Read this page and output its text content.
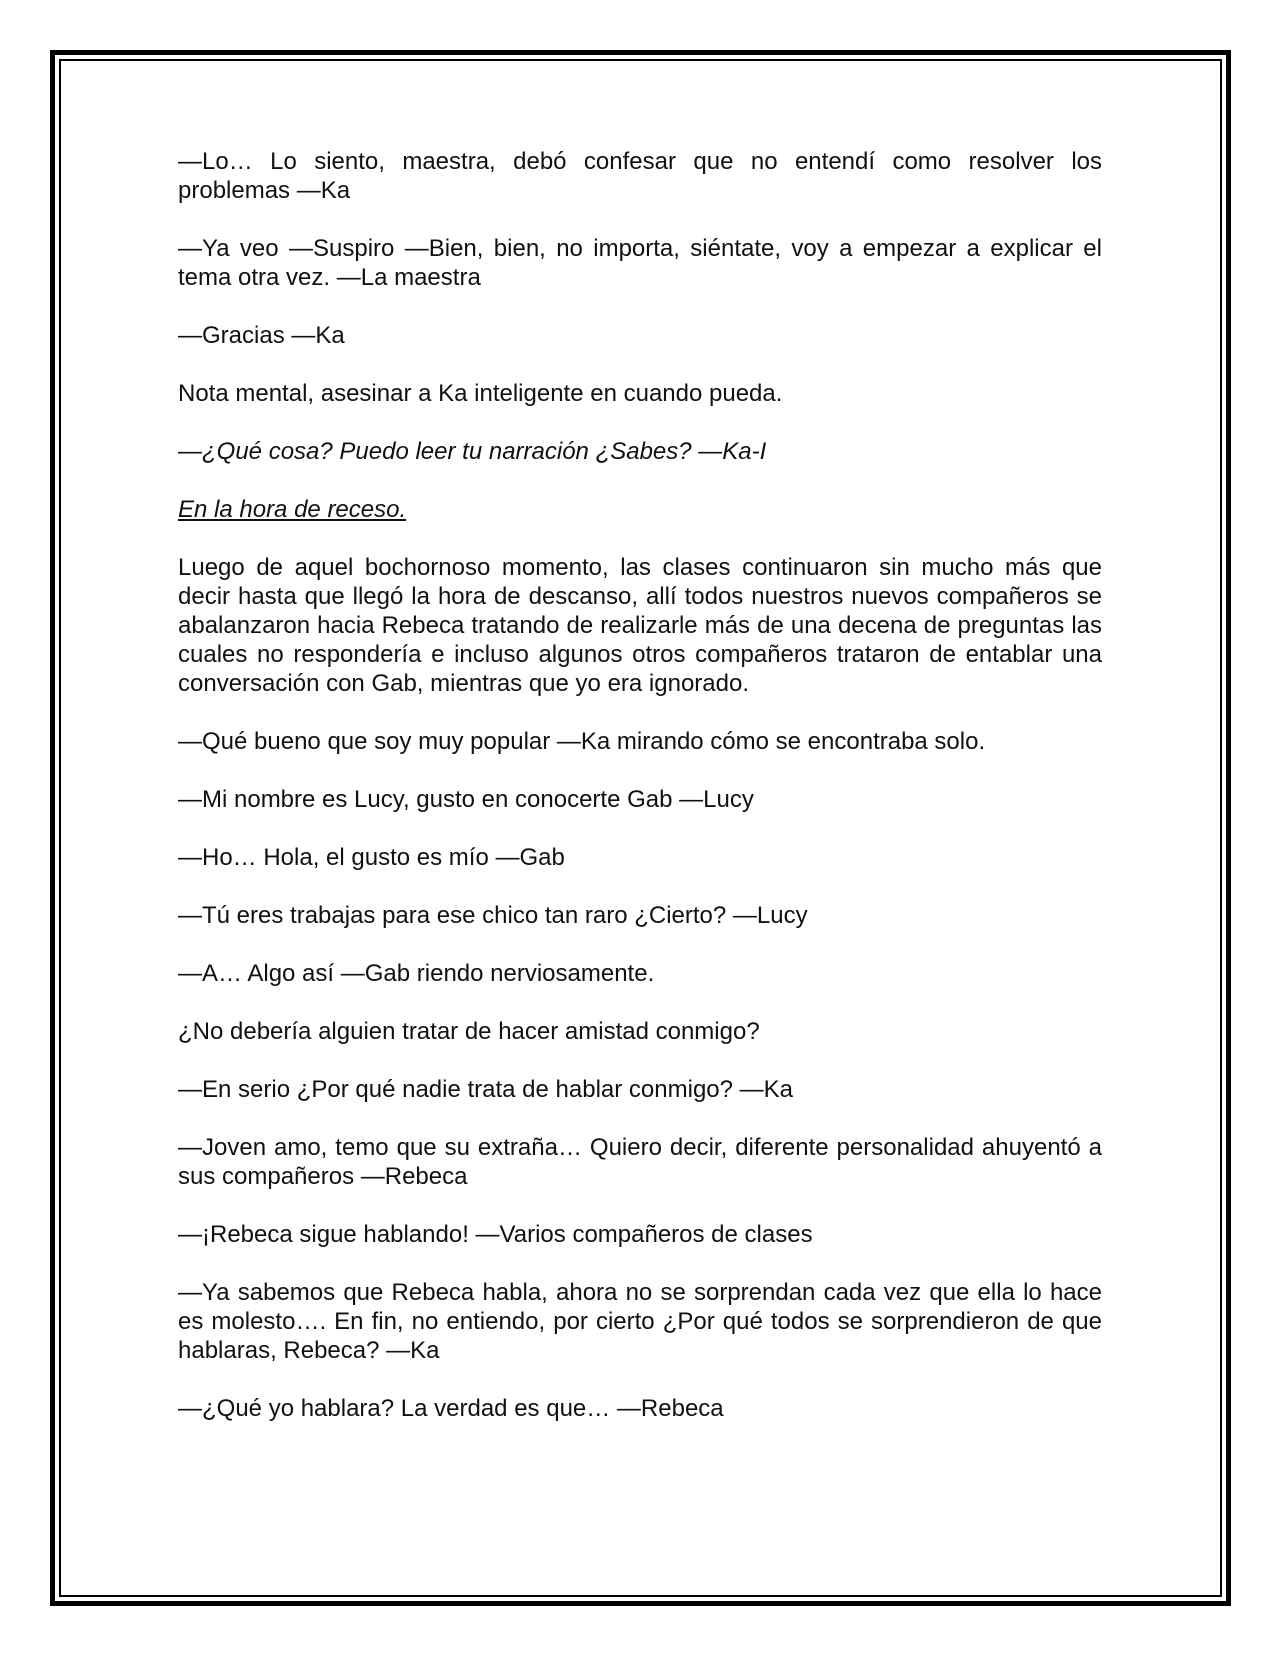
—Lo… Lo siento, maestra, debó confesar que no entendí como resolver los problemas —Ka

—Ya veo —Suspiro —Bien, bien, no importa, siéntate, voy a empezar a explicar el tema otra vez. —La maestra

—Gracias —Ka

Nota mental, asesinar a Ka inteligente en cuando pueda.

—¿Qué cosa? Puedo leer tu narración ¿Sabes? —Ka-I

En la hora de receso.

Luego de aquel bochornoso momento, las clases continuaron sin mucho más que decir hasta que llegó la hora de descanso, allí todos nuestros nuevos compañeros se abalanzaron hacia Rebeca tratando de realizarle más de una decena de preguntas las cuales no respondería e incluso algunos otros compañeros trataron de entablar una conversación con Gab, mientras que yo era ignorado.

—Qué bueno que soy muy popular —Ka mirando cómo se encontraba solo.

—Mi nombre es Lucy, gusto en conocerte Gab —Lucy

—Ho… Hola, el gusto es mío —Gab

—Tú eres trabajas para ese chico tan raro ¿Cierto? —Lucy

—A… Algo así —Gab riendo nerviosamente.

¿No debería alguien tratar de hacer amistad conmigo?

—En serio ¿Por qué nadie trata de hablar conmigo? —Ka

—Joven amo, temo que su extraña… Quiero decir, diferente personalidad ahuyentó a sus compañeros —Rebeca

—¡Rebeca sigue hablando! —Varios compañeros de clases

—Ya sabemos que Rebeca habla, ahora no se sorprendan cada vez que ella lo hace es molesto…. En fin, no entiendo, por cierto ¿Por qué todos se sorprendieron de que hablaras, Rebeca? —Ka

—¿Qué yo hablara? La verdad es que… —Rebeca
